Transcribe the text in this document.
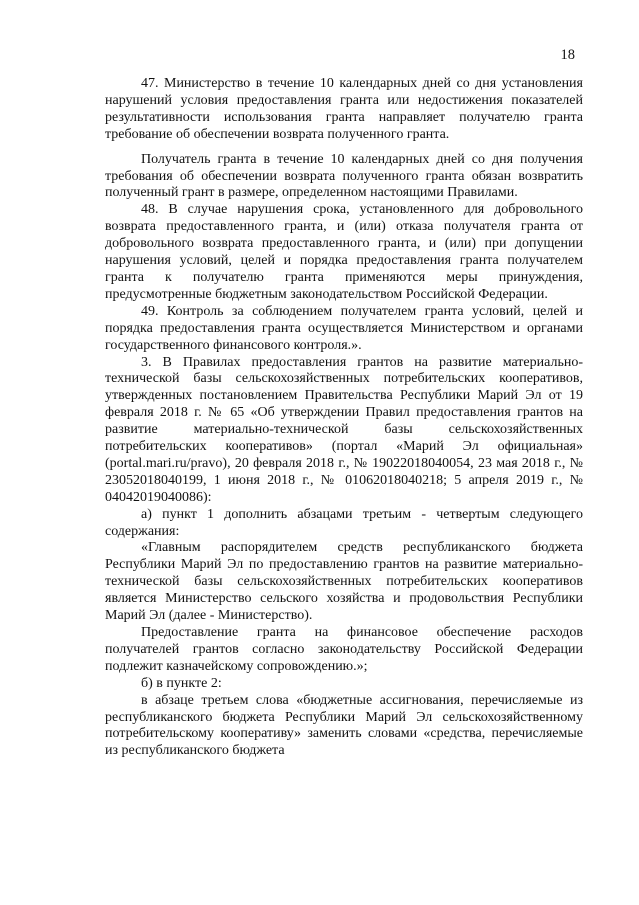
18

47. Министерство в течение 10 календарных дней со дня установления нарушений условия предоставления гранта или недостижения показателей результативности использования гранта направляет получателю гранта требование об обеспечении возврата полученного гранта.

Получатель гранта в течение 10 календарных дней со дня получения требования об обеспечении возврата полученного гранта обязан возвратить полученный грант в размере, определенном настоящими Правилами.

48. В случае нарушения срока, установленного для добровольного возврата предоставленного гранта, и (или) отказа получателя гранта от добровольного возврата предоставленного гранта, и (или) при допущении нарушения условий, целей и порядка предоставления гранта получателем гранта к получателю гранта применяются меры принуждения, предусмотренные бюджетным законодательством Российской Федерации.

49. Контроль за соблюдением получателем гранта условий, целей и порядка предоставления гранта осуществляется Министерством и органами государственного финансового контроля.».

3. В Правилах предоставления грантов на развитие материально-технической базы сельскохозяйственных потребительских кооперативов, утвержденных постановлением Правительства Республики Марий Эл от 19 февраля 2018 г. № 65 «Об утверждении Правил предоставления грантов на развитие материально-технической базы сельскохозяйственных потребительских кооперативов» (портал «Марий Эл официальная» (portal.mari.ru/pravo), 20 февраля 2018 г., № 19022018040054, 23 мая 2018 г., № 23052018040199, 1 июня 2018 г., № 01062018040218; 5 апреля 2019 г., № 04042019040086):

а) пункт 1 дополнить абзацами третьим - четвертым следующего содержания:

«Главным распорядителем средств республиканского бюджета Республики Марий Эл по предоставлению грантов на развитие материально-технической базы сельскохозяйственных потребительских кооперативов является Министерство сельского хозяйства и продовольствия Республики Марий Эл (далее - Министерство).

Предоставление гранта на финансовое обеспечение расходов получателей грантов согласно законодательству Российской Федерации подлежит казначейскому сопровождению.»;

б) в пункте 2:

в абзаце третьем слова «бюджетные ассигнования, перечисляемые из республиканского бюджета Республики Марий Эл сельскохозяйственному потребительскому кооперативу» заменить словами «средства, перечисляемые из республиканского бюджета
